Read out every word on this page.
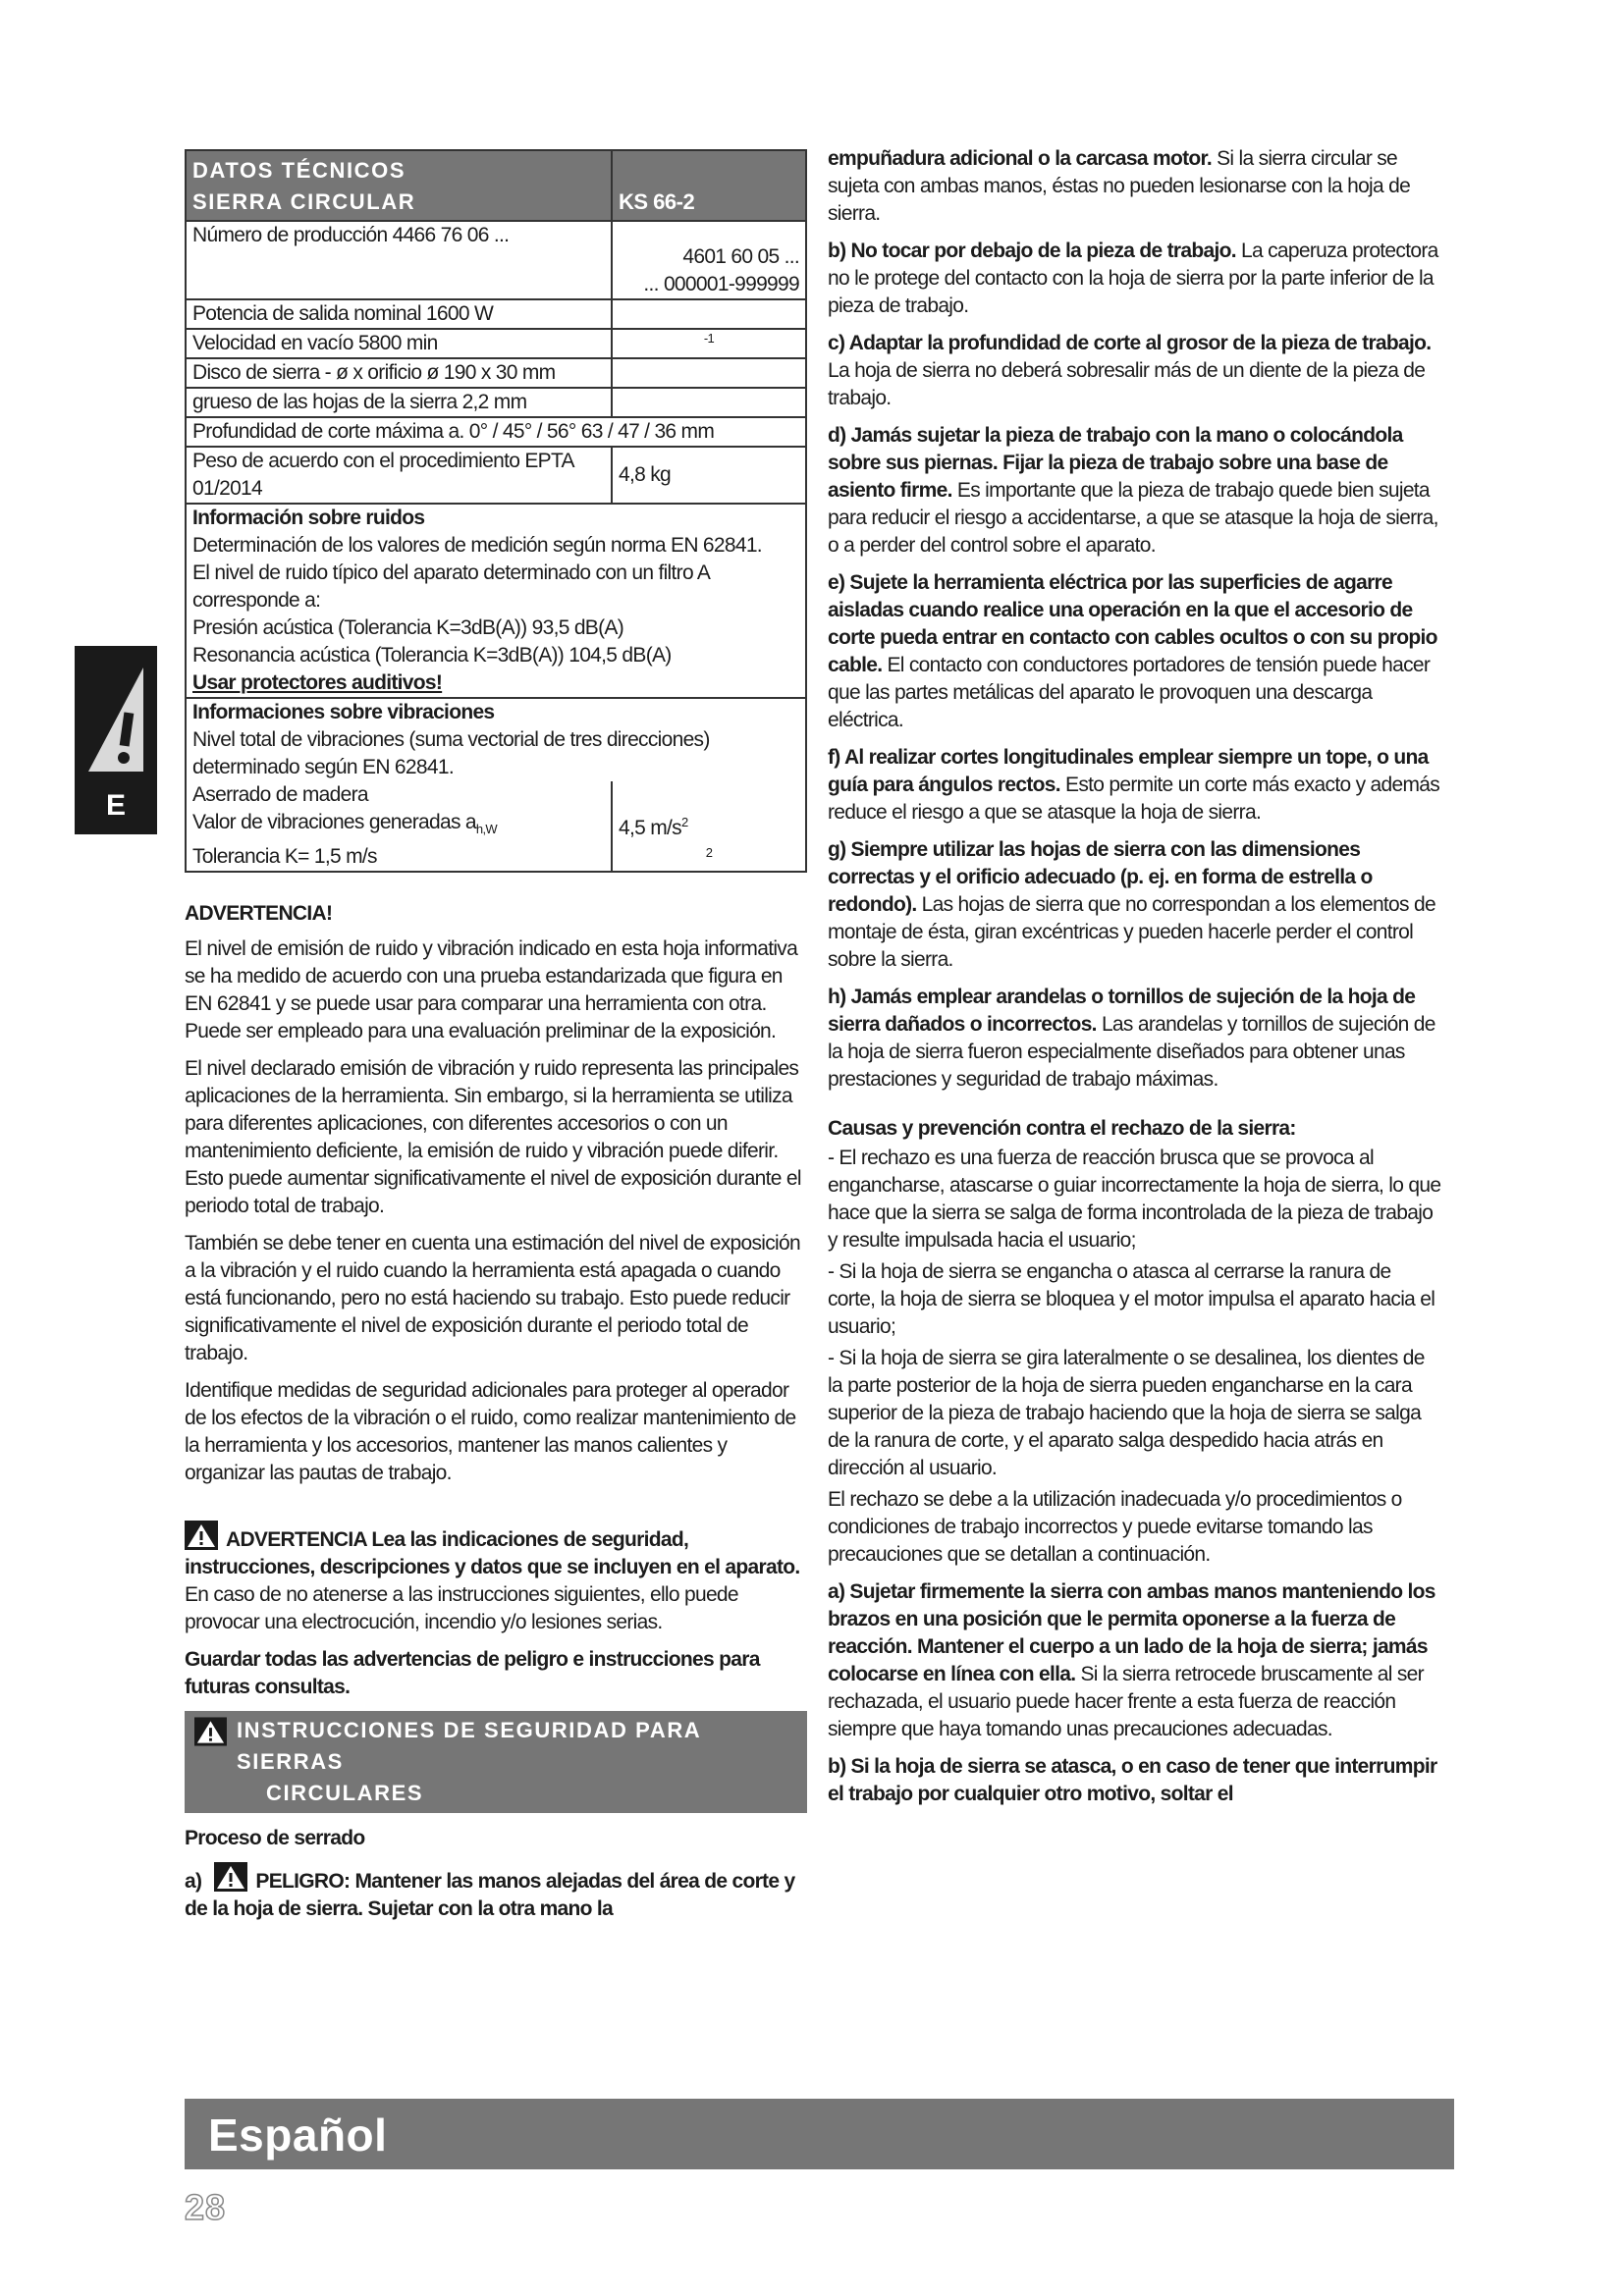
E
DATOS TÉCNICOS
SIERRA CIRCULAR	KS 66-2
Número de producción 4466 76 06 ...
4601 60 05 ...
... 000001-999999
Potencia de salida nominal 1600 W
Velocidad en vacío 5800 min	-1
Disco de sierra - ø x orificio ø 190 x 30 mm
grueso de las hojas de la sierra 2,2 mm
Profundidad de corte máxima a. 0° / 45° / 56° 63 / 47 / 36 mm
Peso de acuerdo con el procedimiento EPTA 01/2014
4,8 kg
Información sobre ruidos
Determinación de los valores de medición según norma EN 62841.
El nivel de ruido típico del aparato determinado con un filtro A corresponde a:
Presión acústica (Tolerancia K=3dB(A)) 93,5 dB(A)
Resonancia acústica (Tolerancia K=3dB(A)) 104,5 dB(A)
Usar protectores auditivos!
Informaciones sobre vibraciones
Nivel total de vibraciones (suma vectorial de tres direcciones) determinado según EN 62841.
Aserrado de madera
Valor de vibraciones generadas $a_{h,W}$
Tolerancia K= 1,5 m/s
4,5 $m/s^2$
2
ADVERTENCIA!

El nivel de emisión de ruido y vibración indicado en esta hoja informativa se ha medido de acuerdo con una prueba estandarizada que figura en EN 62841 y se puede usar para comparar una herramienta con otra. Puede ser empleado para una evaluación preliminar de la exposición.

El nivel declarado emisión de vibración y ruido representa las principales aplicaciones de la herramienta. Sin embargo, si la herramienta se utiliza para diferentes aplicaciones, con diferentes accesorios o con un mantenimiento deficiente, la emisión de ruido y vibración puede diferir. Esto puede aumentar significativamente el nivel de exposición durante el periodo total de trabajo.

También se debe tener en cuenta una estimación del nivel de exposición a la vibración y el ruido cuando la herramienta está apagada o cuando está funcionando, pero no está haciendo su trabajo. Esto puede reducir significativamente el nivel de exposición durante el periodo total de trabajo.

Identifique medidas de seguridad adicionales para proteger al operador de los efectos de la vibración o el ruido, como realizar mantenimiento de la herramienta y los accesorios, mantener las manos calientes y organizar las pautas de trabajo.

ADVERTENCIA Lea las indicaciones de seguridad, instrucciones, descripciones y datos que se incluyen en el aparato. En caso de no atenerse a las instrucciones siguientes, ello puede provocar una electrocución, incendio y/o lesiones serias.

Guardar todas las advertencias de peligro e instrucciones para futuras consultas.

INSTRUCCIONES DE SEGURIDAD PARA SIERRAS
CIRCULARES

Proceso de serrado

a)	PELIGRO: Mantener las manos alejadas del área de corte y de la hoja de sierra. Sujetar con la otra mano la

empuñadura adicional o la carcasa motor. Si la sierra circular se sujeta con ambas manos, éstas no pueden lesionarse con la hoja de sierra.

b) No tocar por debajo de la pieza de trabajo. La caperuza protectora no le protege del contacto con la hoja de sierra por la parte inferior de la pieza de trabajo.

c) Adaptar la profundidad de corte al grosor de la pieza de trabajo. La hoja de sierra no deberá sobresalir más de un diente de la pieza de trabajo.

d) Jamás sujetar la pieza de trabajo con la mano o colocándola sobre sus piernas. Fijar la pieza de trabajo sobre una base de asiento firme. Es importante que la pieza de trabajo quede bien sujeta para reducir el riesgo a accidentarse, a que se atasque la hoja de sierra, o a perder del control sobre el aparato.

e) Sujete la herramienta eléctrica por las superficies de agarre aisladas cuando realice una operación en la que el accesorio de corte pueda entrar en contacto con cables ocultos o con su propio cable. El contacto con conductores portadores de tensión puede hacer que las partes metálicas del aparato le provoquen una descarga eléctrica.

f) Al realizar cortes longitudinales emplear siempre un tope, o una guía para ángulos rectos. Esto permite un corte más exacto y además reduce el riesgo a que se atasque la hoja de sierra.

g) Siempre utilizar las hojas de sierra con las dimensiones correctas y el orificio adecuado (p. ej. en forma de estrella o redondo). Las hojas de sierra que no correspondan a los elementos de montaje de ésta, giran excéntricas y pueden hacerle perder el control sobre la sierra.

h) Jamás emplear arandelas o tornillos de sujeción de la hoja de sierra dañados o incorrectos. Las arandelas y tornillos de sujeción de la hoja de sierra fueron especialmente diseñados para obtener unas prestaciones y seguridad de trabajo máximas.

Causas y prevención contra el rechazo de la sierra:

- El rechazo es una fuerza de reacción brusca que se provoca al engancharse, atascarse o guiar incorrectamente la hoja de sierra, lo que hace que la sierra se salga de forma incontrolada de la pieza de trabajo y resulte impulsada hacia el usuario;

- Si la hoja de sierra se engancha o atasca al cerrarse la ranura de corte, la hoja de sierra se bloquea y el motor impulsa el aparato hacia el usuario;

- Si la hoja de sierra se gira lateralmente o se desalinea, los dientes de la parte posterior de la hoja de sierra pueden engancharse en la cara superior de la pieza de trabajo haciendo que la hoja de sierra se salga de la ranura de corte, y el aparato salga despedido hacia atrás en dirección al usuario.

El rechazo se debe a la utilización inadecuada y/o procedimientos o condiciones de trabajo incorrectos y puede evitarse tomando las precauciones que se detallan a continuación.

a) Sujetar firmemente la sierra con ambas manos manteniendo los brazos en una posición que le permita oponerse a la fuerza de reacción. Mantener el cuerpo a un lado de la hoja de sierra; jamás colocarse en línea con ella. Si la sierra retrocede bruscamente al ser rechazada, el usuario puede hacer frente a esta fuerza de reacción siempre que haya tomando unas precauciones adecuadas.

b) Si la hoja de sierra se atasca, o en caso de tener que interrumpir el trabajo por cualquier otro motivo, soltar el

Español
28
